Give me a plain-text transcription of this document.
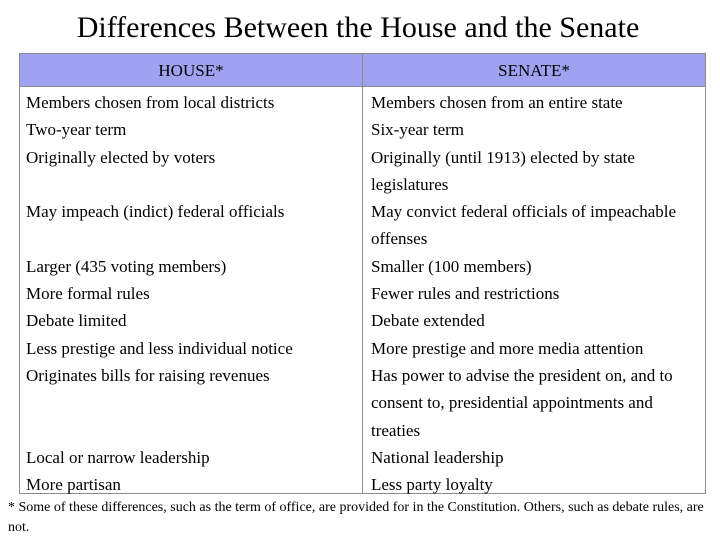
Differences Between the House and the Senate
HOUSE*	SENATE*
Members chosen from local districts
Two-year term
Originally elected by voters
May impeach (indict) federal officials
Larger (435 voting members)
More formal rules
Debate limited
Less prestige and less individual notice
Originates bills for raising revenues
Local or narrow leadership
More partisan
Members chosen from an entire state
Six-year term
Originally (until 1913) elected by state legislatures
May convict federal officials of impeachable offenses
Smaller (100 members)
Fewer rules and restrictions
Debate extended
More prestige and more media attention
Has power to advise the president on, and to consent to, presidential appointments and treaties
National leadership
Less party loyalty
* Some of these differences, such as the term of office, are provided for in the Constitution. Others, such as debate rules, are not.
